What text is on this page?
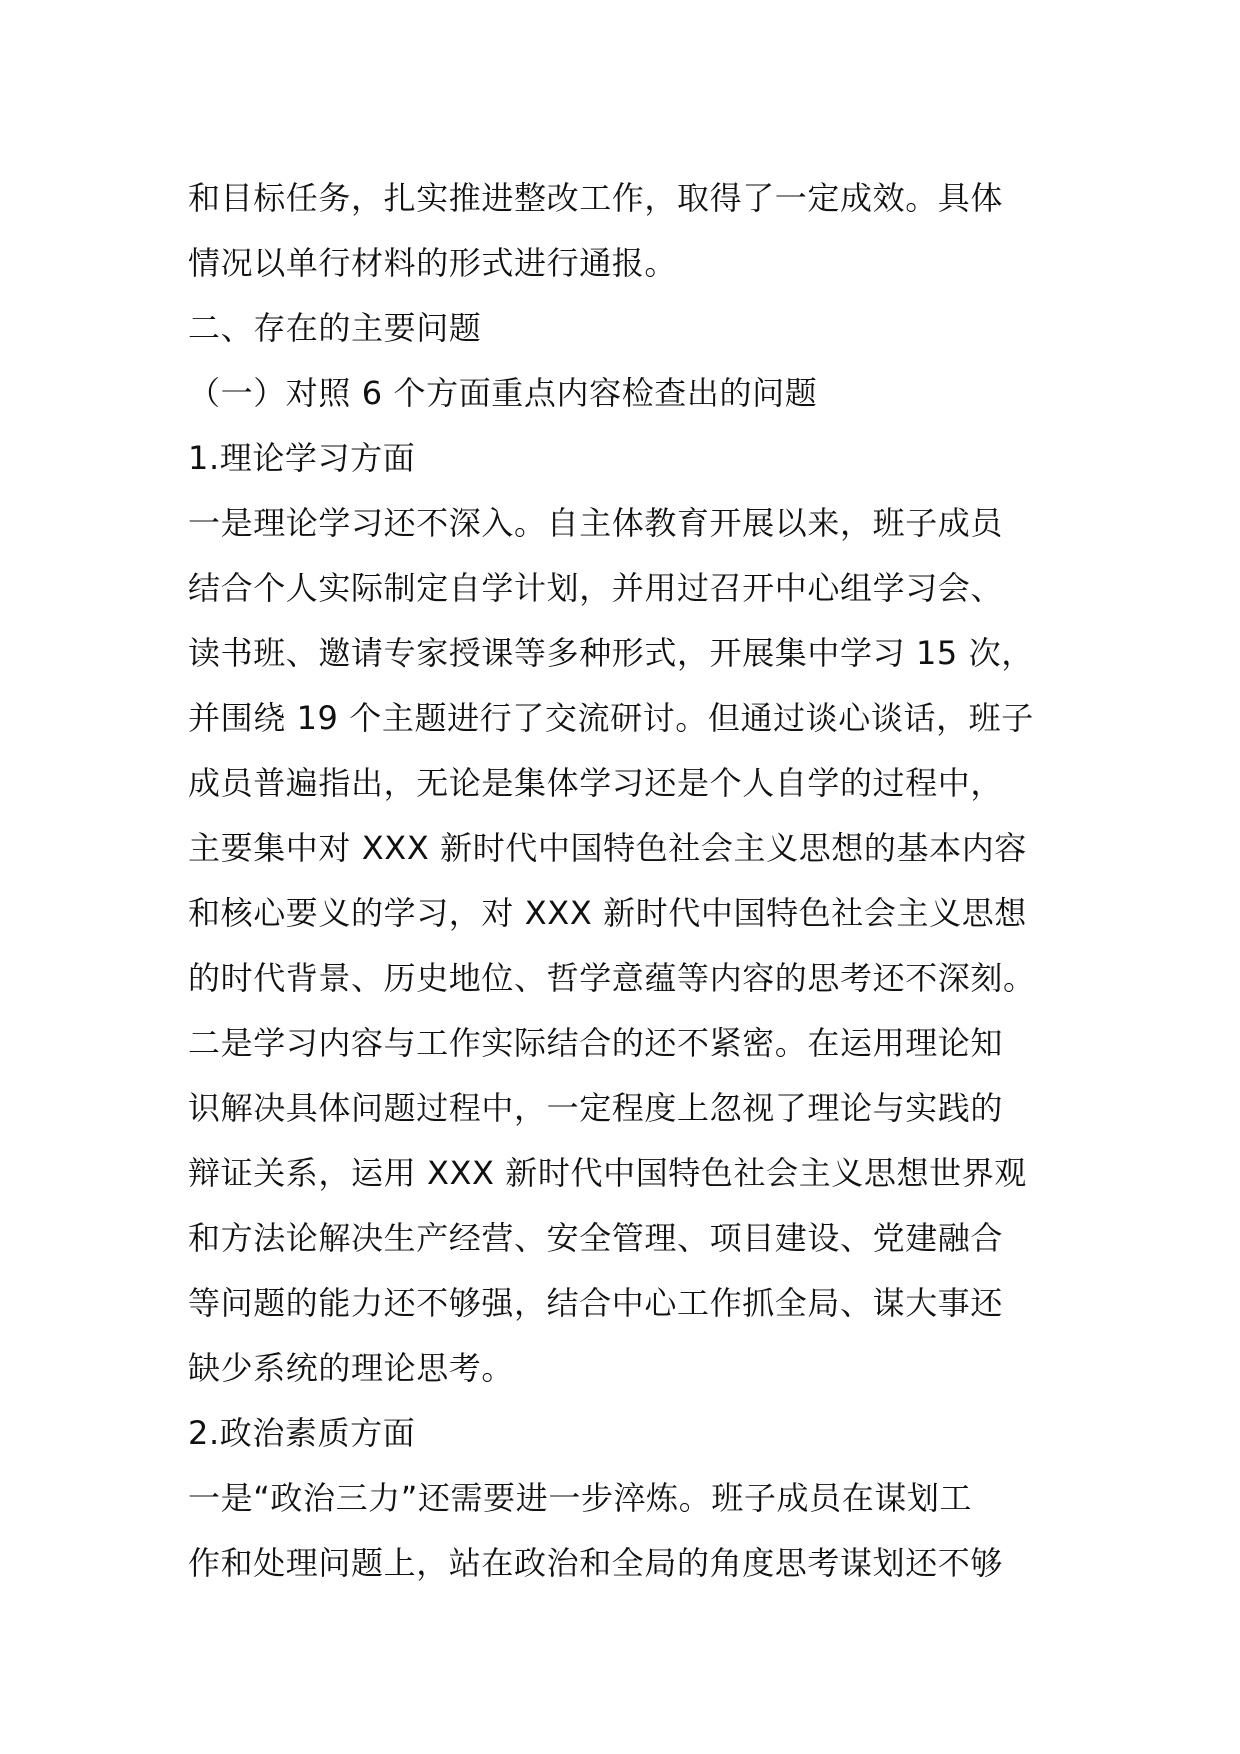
和目标任务，扎实推进整改工作，取得了一定成效。具体
情况以单行材料的形式进行通报。
二、存在的主要问题
（一）对照 6 个方面重点内容检查出的问题
1.理论学习方面
一是理论学习还不深入。自主体教育开展以来，班子成员
结合个人实际制定自学计划，并用过召开中心组学习会、
读书班、邀请专家授课等多种形式，开展集中学习 15 次，
并围绕 19 个主题进行了交流研讨。但通过谈心谈话，班子
成员普遍指出，无论是集体学习还是个人自学的过程中，
主要集中对 XXX 新时代中国特色社会主义思想的基本内容
和核心要义的学习，对 XXX 新时代中国特色社会主义思想
的时代背景、历史地位、哲学意蕴等内容的思考还不深刻。
二是学习内容与工作实际结合的还不紧密。在运用理论知
识解决具体问题过程中，一定程度上忽视了理论与实践的
辩证关系，运用 XXX 新时代中国特色社会主义思想世界观
和方法论解决生产经营、安全管理、项目建设、党建融合
等问题的能力还不够强，结合中心工作抓全局、谋大事还
缺少系统的理论思考。
2.政治素质方面
一是“政治三力”还需要进一步淬炼。班子成员在谋划工
作和处理问题上，站在政治和全局的角度思考谋划还不够
